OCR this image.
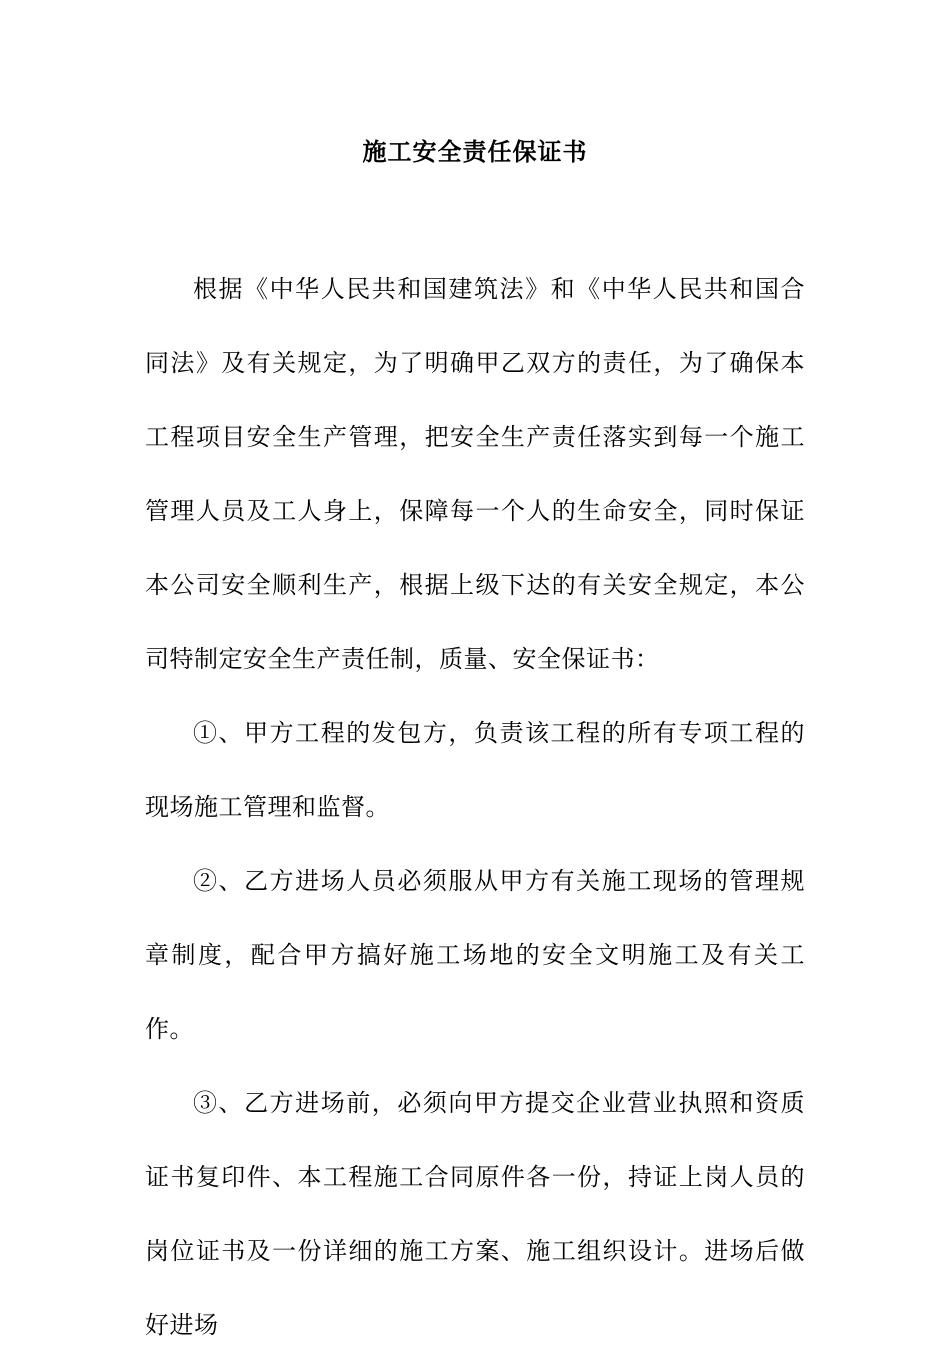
施工安全责任保证书

根据《中华人民共和国建筑法》和《中华人民共和国合同法》及有关规定，为了明确甲乙双方的责任，为了确保本工程项目安全生产管理，把安全生产责任落实到每一个施工管理人员及工人身上，保障每一个人的生命安全，同时保证本公司安全顺利生产，根据上级下达的有关安全规定，本公司特制定安全生产责任制，质量、安全保证书：

①、甲方工程的发包方，负责该工程的所有专项工程的现场施工管理和监督。

②、乙方进场人员必须服从甲方有关施工现场的管理规章制度，配合甲方搞好施工场地的安全文明施工及有关工作。

③、乙方进场前，必须向甲方提交企业营业执照和资质证书复印件、本工程施工合同原件各一份，持证上岗人员的岗位证书及一份详细的施工方案、施工组织设计。进场后做好进场
